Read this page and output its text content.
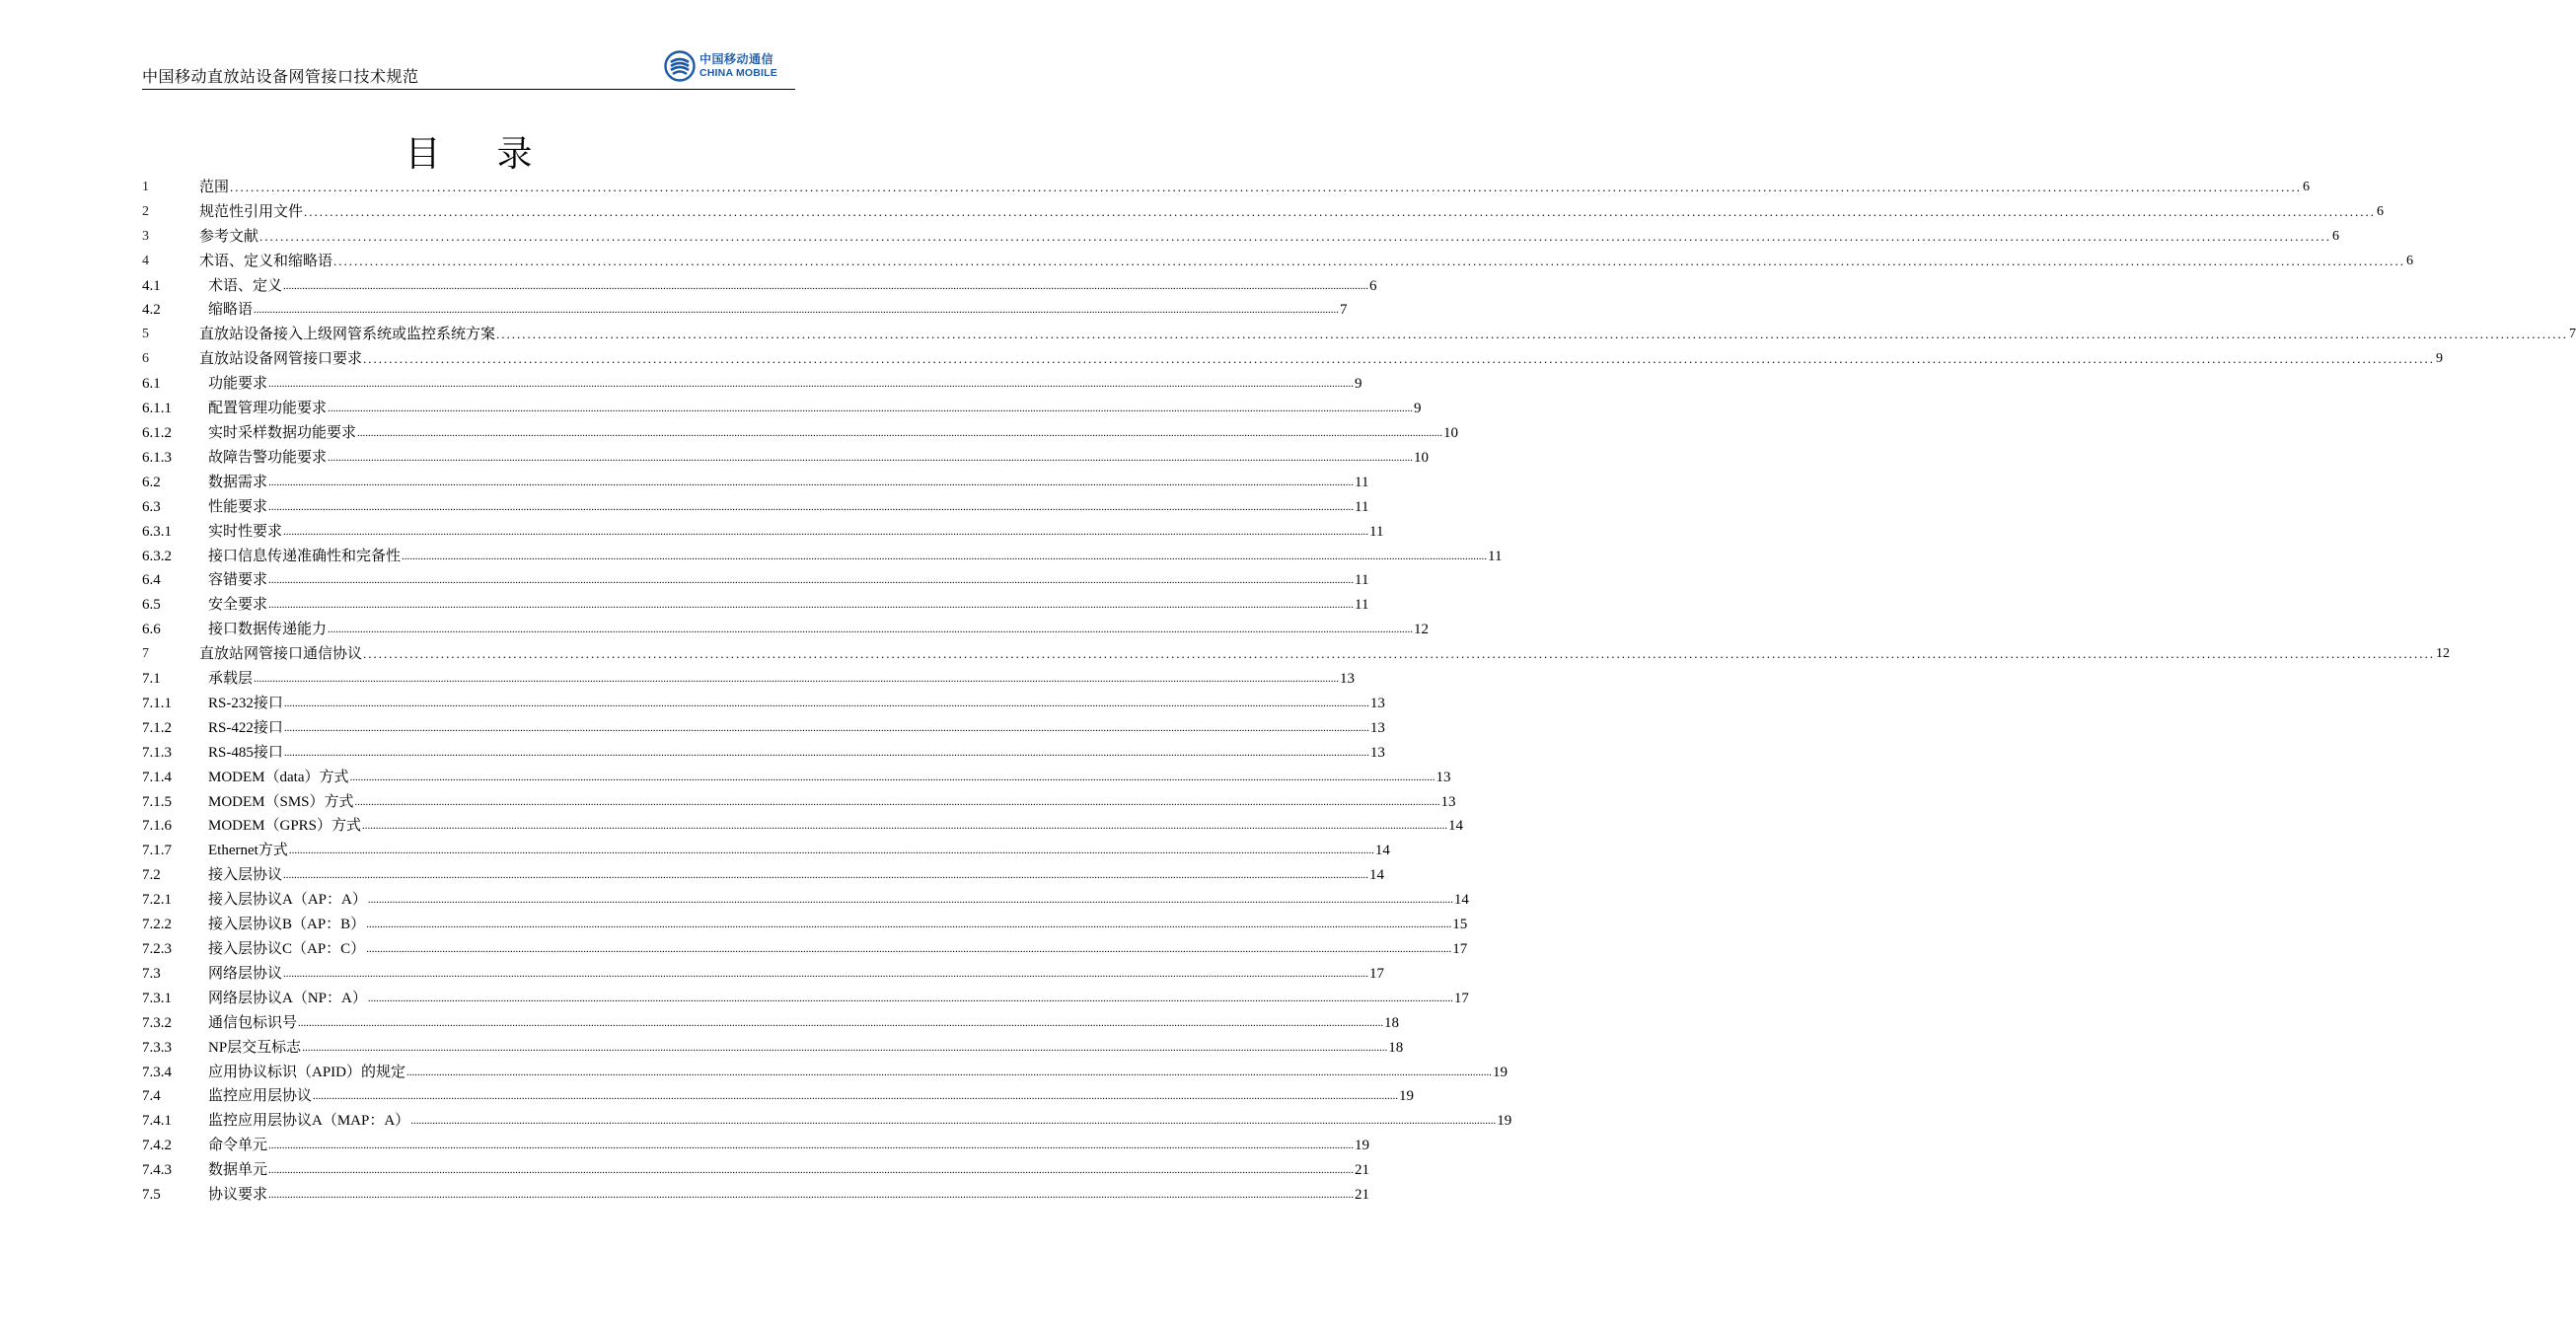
中国移动直放站设备网管接口技术规范
中国移动通信
CHINA MOBILE
目 录
1	范围 ................................................................................................................................................................................................................................................................................................................................................................................................................ 6
2	规范性引用文件 ................................................................................................................................................................................................................................................................................................................................................................................................................ 6
3	参考文献 ................................................................................................................................................................................................................................................................................................................................................................................................................ 6
4	术语、定义和缩略语 ................................................................................................................................................................................................................................................................................................................................................................................................................ 6
4.1	术语、定义 ................................................................................................................................................................................................................................................................................................................................................................................................................ 6
4.2	缩略语 ................................................................................................................................................................................................................................................................................................................................................................................................................ 7
5	直放站设备接入上级网管系统或监控系统方案 ................................................................................................................................................................................................................................................................................................................................................................................................................ 7
6	直放站设备网管接口要求 ................................................................................................................................................................................................................................................................................................................................................................................................................ 9
6.1	功能要求 ................................................................................................................................................................................................................................................................................................................................................................................................................ 9
6.1.1	配置管理功能要求 ................................................................................................................................................................................................................................................................................................................................................................................................................ 9
6.1.2	实时采样数据功能要求 ................................................................................................................................................................................................................................................................................................................................................................................................................ 10
6.1.3	故障告警功能要求 ................................................................................................................................................................................................................................................................................................................................................................................................................ 10
6.2	数据需求 ................................................................................................................................................................................................................................................................................................................................................................................................................ 11
6.3	性能要求 ................................................................................................................................................................................................................................................................................................................................................................................................................ 11
6.3.1	实时性要求 ................................................................................................................................................................................................................................................................................................................................................................................................................ 11
6.3.2	接口信息传递准确性和完备性 ................................................................................................................................................................................................................................................................................................................................................................................................................ 11
6.4	容错要求 ................................................................................................................................................................................................................................................................................................................................................................................................................ 11
6.5	安全要求 ................................................................................................................................................................................................................................................................................................................................................................................................................ 11
6.6	接口数据传递能力 ................................................................................................................................................................................................................................................................................................................................................................................................................ 12
7	直放站网管接口通信协议 ................................................................................................................................................................................................................................................................................................................................................................................................................ 12
7.1	承载层 ................................................................................................................................................................................................................................................................................................................................................................................................................ 13
7.1.1	RS-232接口 ................................................................................................................................................................................................................................................................................................................................................................................................................ 13
7.1.2	RS-422接口 ................................................................................................................................................................................................................................................................................................................................................................................................................ 13
7.1.3	RS-485接口 ................................................................................................................................................................................................................................................................................................................................................................................................................ 13
7.1.4	MODEM（data）方式 ................................................................................................................................................................................................................................................................................................................................................................................................................ 13
7.1.5	MODEM（SMS）方式 ................................................................................................................................................................................................................................................................................................................................................................................................................ 13
7.1.6	MODEM（GPRS）方式 ................................................................................................................................................................................................................................................................................................................................................................................................................ 14
7.1.7	Ethernet方式 ................................................................................................................................................................................................................................................................................................................................................................................................................ 14
7.2	接入层协议 ................................................................................................................................................................................................................................................................................................................................................................................................................ 14
7.2.1	接入层协议A（AP：A） ................................................................................................................................................................................................................................................................................................................................................................................................................ 14
7.2.2	接入层协议B（AP：B） ................................................................................................................................................................................................................................................................................................................................................................................................................ 15
7.2.3	接入层协议C（AP：C） ................................................................................................................................................................................................................................................................................................................................................................................................................ 17
7.3	网络层协议 ................................................................................................................................................................................................................................................................................................................................................................................................................ 17
7.3.1	网络层协议A（NP：A） ................................................................................................................................................................................................................................................................................................................................................................................................................ 17
7.3.2	通信包标识号 ................................................................................................................................................................................................................................................................................................................................................................................................................ 18
7.3.3	NP层交互标志 ................................................................................................................................................................................................................................................................................................................................................................................................................ 18
7.3.4	应用协议标识（APID）的规定 ................................................................................................................................................................................................................................................................................................................................................................................................................ 19
7.4	监控应用层协议 ................................................................................................................................................................................................................................................................................................................................................................................................................ 19
7.4.1	监控应用层协议A（MAP：A） ................................................................................................................................................................................................................................................................................................................................................................................................................ 19
7.4.2	命令单元 ................................................................................................................................................................................................................................................................................................................................................................................................................ 19
7.4.3	数据单元 ................................................................................................................................................................................................................................................................................................................................................................................................................ 21
7.5	协议要求 ................................................................................................................................................................................................................................................................................................................................................................................................................ 21
